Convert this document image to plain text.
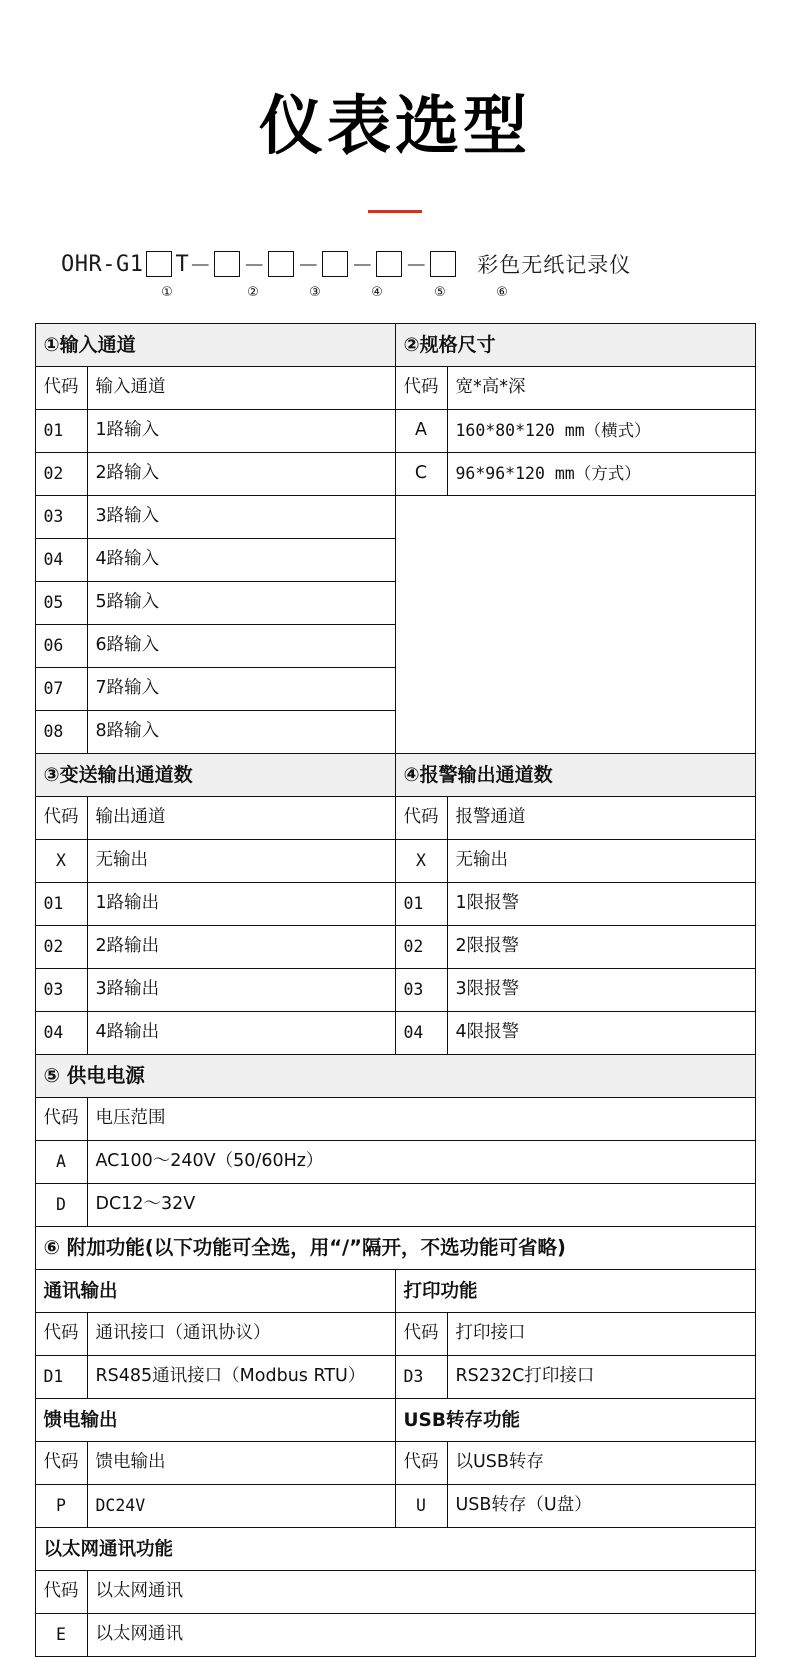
仪表选型
OHR-G1 T － － － － － 彩色无纸记录仪
①	②	③	④	⑤	⑥
①输入通道		②规格尺寸	
代码	输入通道	代码	宽*高*深
01	1路输入	A	160*80*120 mm（横式）
02	2路输入	C	96*96*120 mm（方式）
03	3路输入		
04	4路输入		
05	5路输入		
06	6路输入		
07	7路输入		
08	8路输入		
③变送输出通道数		④报警输出通道数	
代码	输出通道	代码	报警通道
X	无输出	X	无输出
01	1路输出	01	1限报警
02	2路输出	02	2限报警
03	3路输出	03	3限报警
04	4路输出	04	4限报警
⑤ 供电电源			
代码	电压范围		
A	AC100～240V（50/60Hz）		
D	DC12～32V		
⑥ 附加功能(以下功能可全选，用“/”隔开，不选功能可省略)			
通讯输出		打印功能	
代码	通讯接口（通讯协议）	代码	打印接口
D1	RS485通讯接口（Modbus RTU）	D3	RS232C打印接口
馈电输出		USB转存功能	
代码	馈电输出	代码	以USB转存
P	DC24V	U	USB转存（U盘）
以太网通讯功能			
代码	以太网通讯		
E	以太网通讯		
